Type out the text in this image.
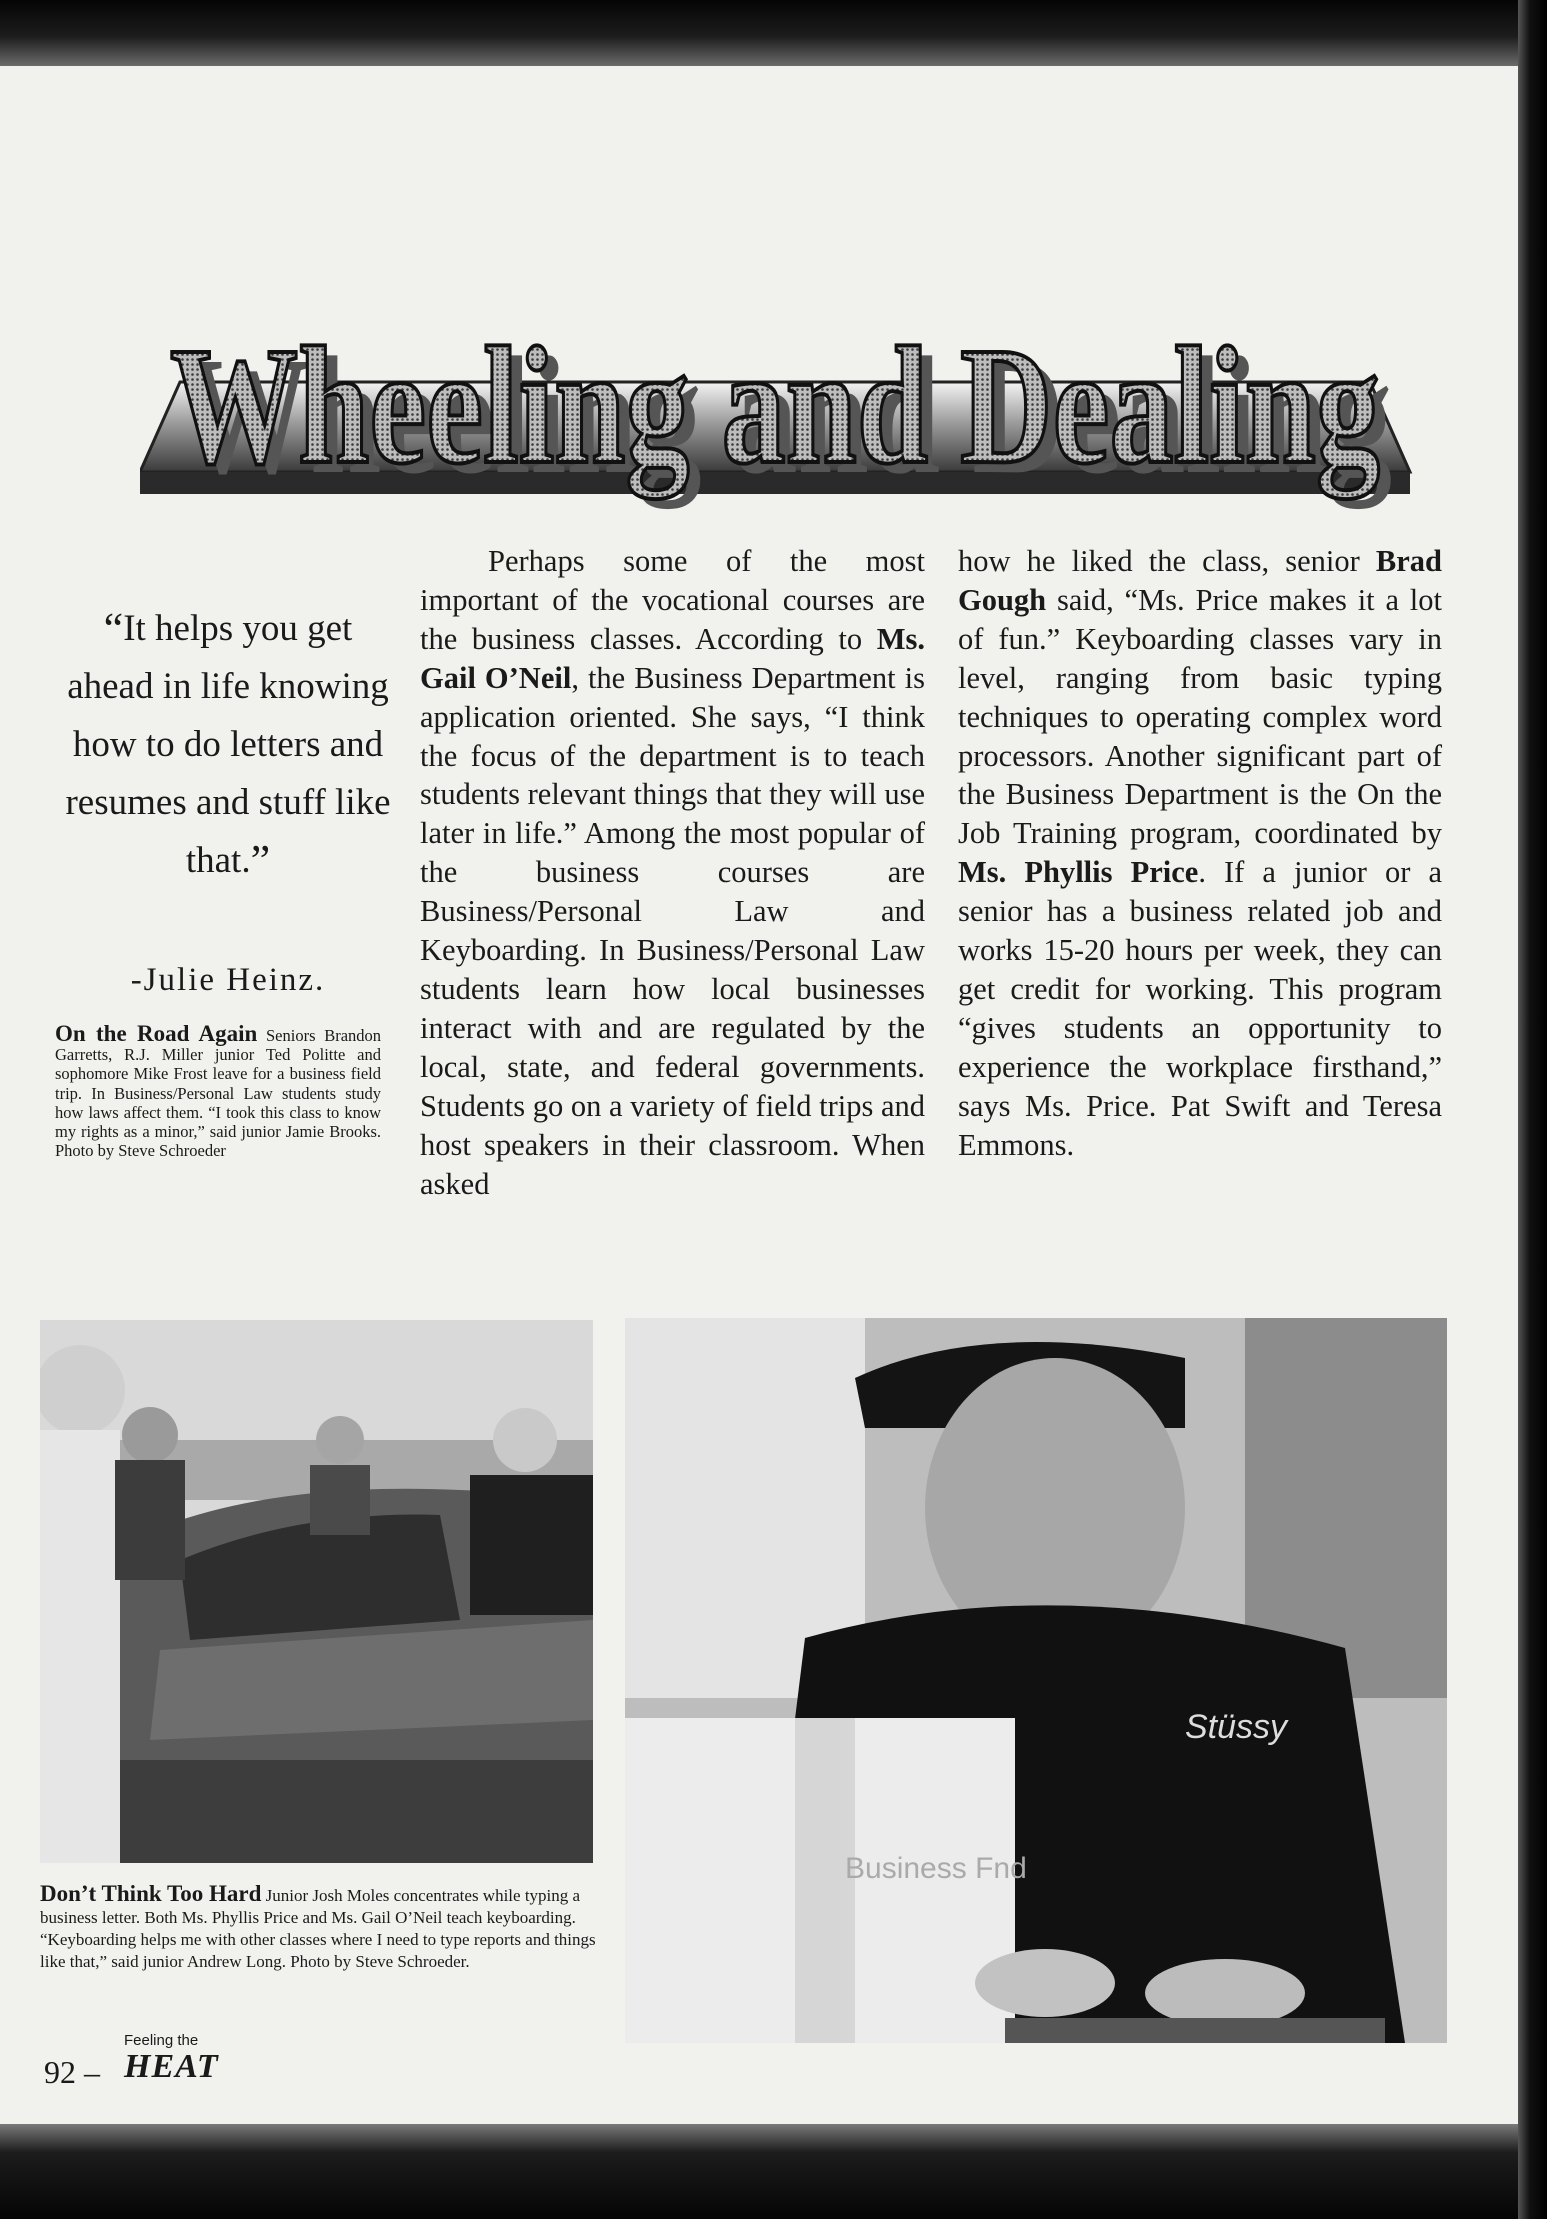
Wheeling and Dealing
Wheeling and Dealing
“It helps you get ahead in life knowing how to do letters and resumes and stuff like that.”
-Julie Heinz.
On the Road Again Seniors Brandon Garretts, R.J. Miller junior Ted Politte and sophomore Mike Frost leave for a business field trip. In Business/Personal Law students study how laws affect them. “I took this class to know my rights as a minor,” said junior Jamie Brooks. Photo by Steve Schroeder
Perhaps some of the most important of the vocational courses are the business classes. According to Ms. Gail O’Neil, the Business Department is application oriented. She says, “I think the focus of the department is to teach students relevant things that they will use later in life.” Among the most popular of the business courses are Business/Personal Law and Keyboarding. In Business/Personal Law students learn how local businesses interact with and are regulated by the local, state, and federal governments. Students go on a variety of field trips and host speakers in their classroom. When asked
how he liked the class, senior Brad Gough said, “Ms. Price makes it a lot of fun.” Keyboarding classes vary in level, ranging from basic typing techniques to operating complex word processors. Another significant part of the Business Department is the On the Job Training program, coordinated by Ms. Phyllis Price. If a junior or a senior has a business related job and works 15-20 hours per week, they can get credit for working. This program “gives students an opportunity to experience the workplace firsthand,” says Ms. Price. Pat Swift and Teresa Emmons.
Stüssy
Business Fnd
Don’t Think Too Hard Junior Josh Moles concentrates while typing a business letter. Both Ms. Phyllis Price and Ms. Gail O’Neil teach keyboarding. “Keyboarding helps me with other classes where I need to type reports and things like that,” said junior Andrew Long. Photo by Steve Schroeder.
92 –
Feeling the
HEAT
